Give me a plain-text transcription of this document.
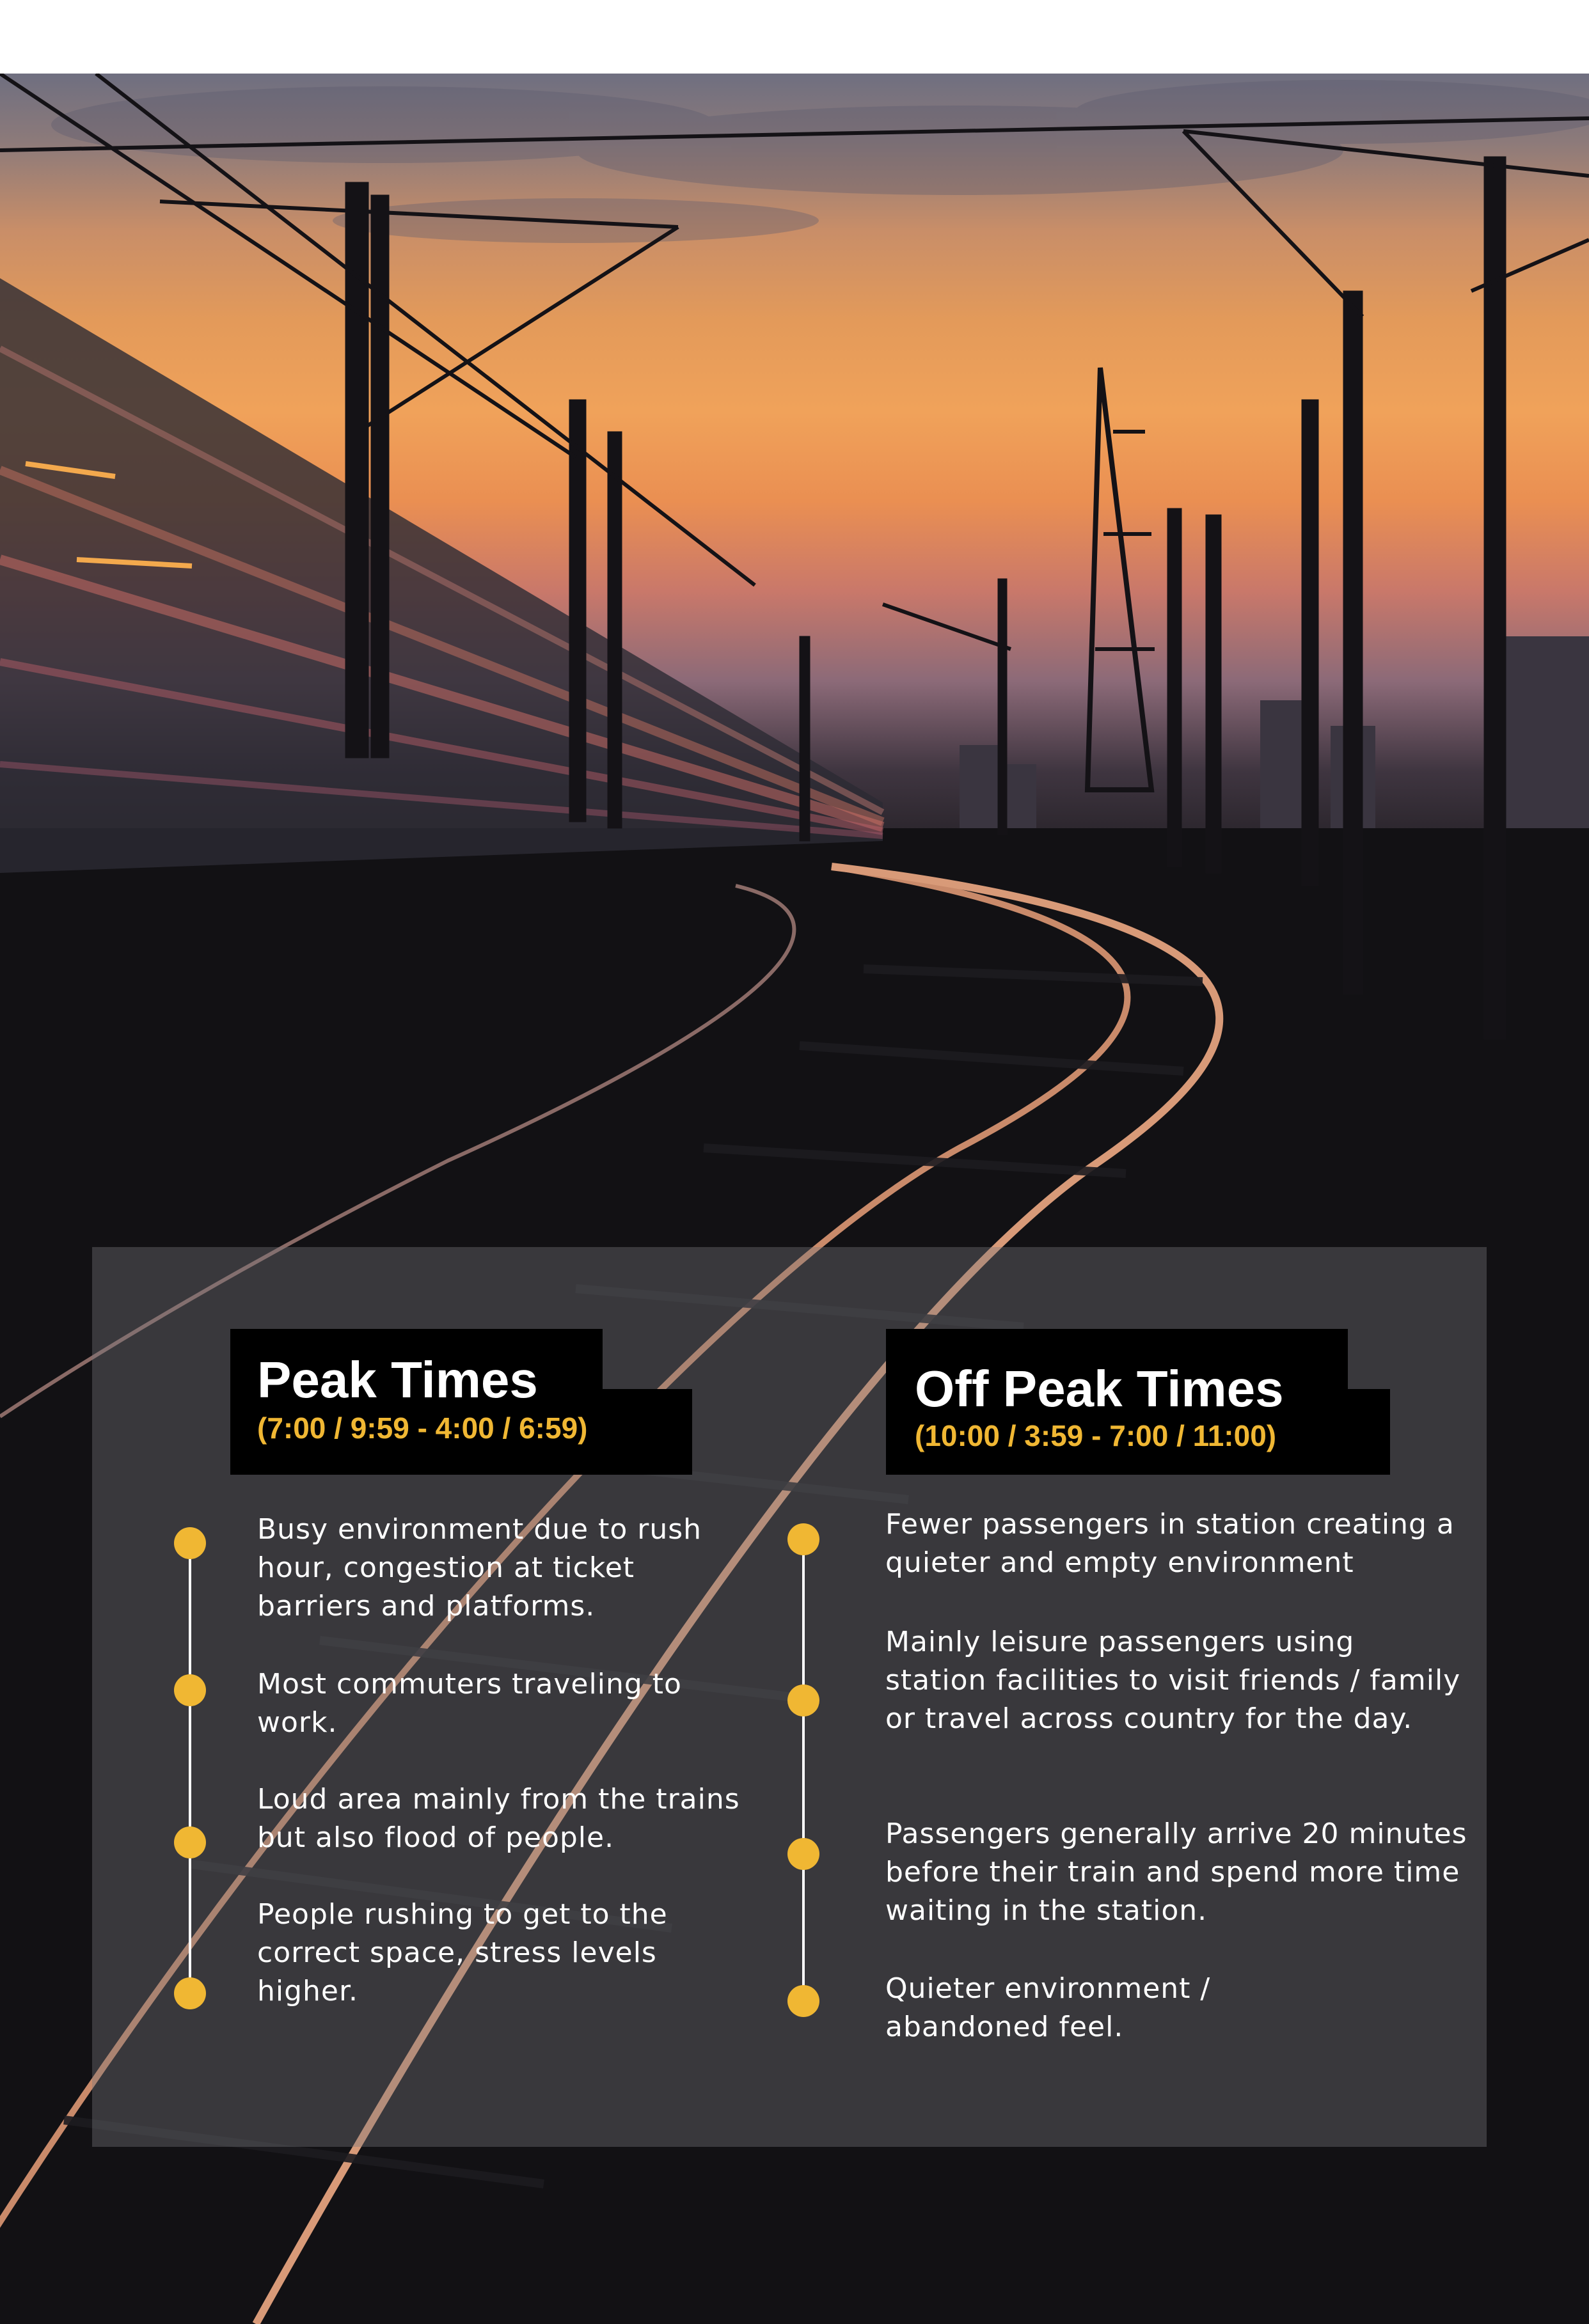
Peak Times
(7:00 / 9:59 - 4:00 / 6:59)
Off Peak Times
(10:00 / 3:59 - 7:00 / 11:00)
Busy environment due to rush hour, congestion at ticket barriers and platforms.
Most commuters traveling to work.
Loud area mainly from the trains but also flood of people.
People rushing to get to the correct space, stress levels higher.
Fewer passengers in station creating a quieter and empty environment
Mainly leisure passengers using station facilities to visit friends / family or travel across country for the day.
Passengers generally arrive 20 minutes before their train and spend more time waiting in the station.
Quieter environment / abandoned feel.
